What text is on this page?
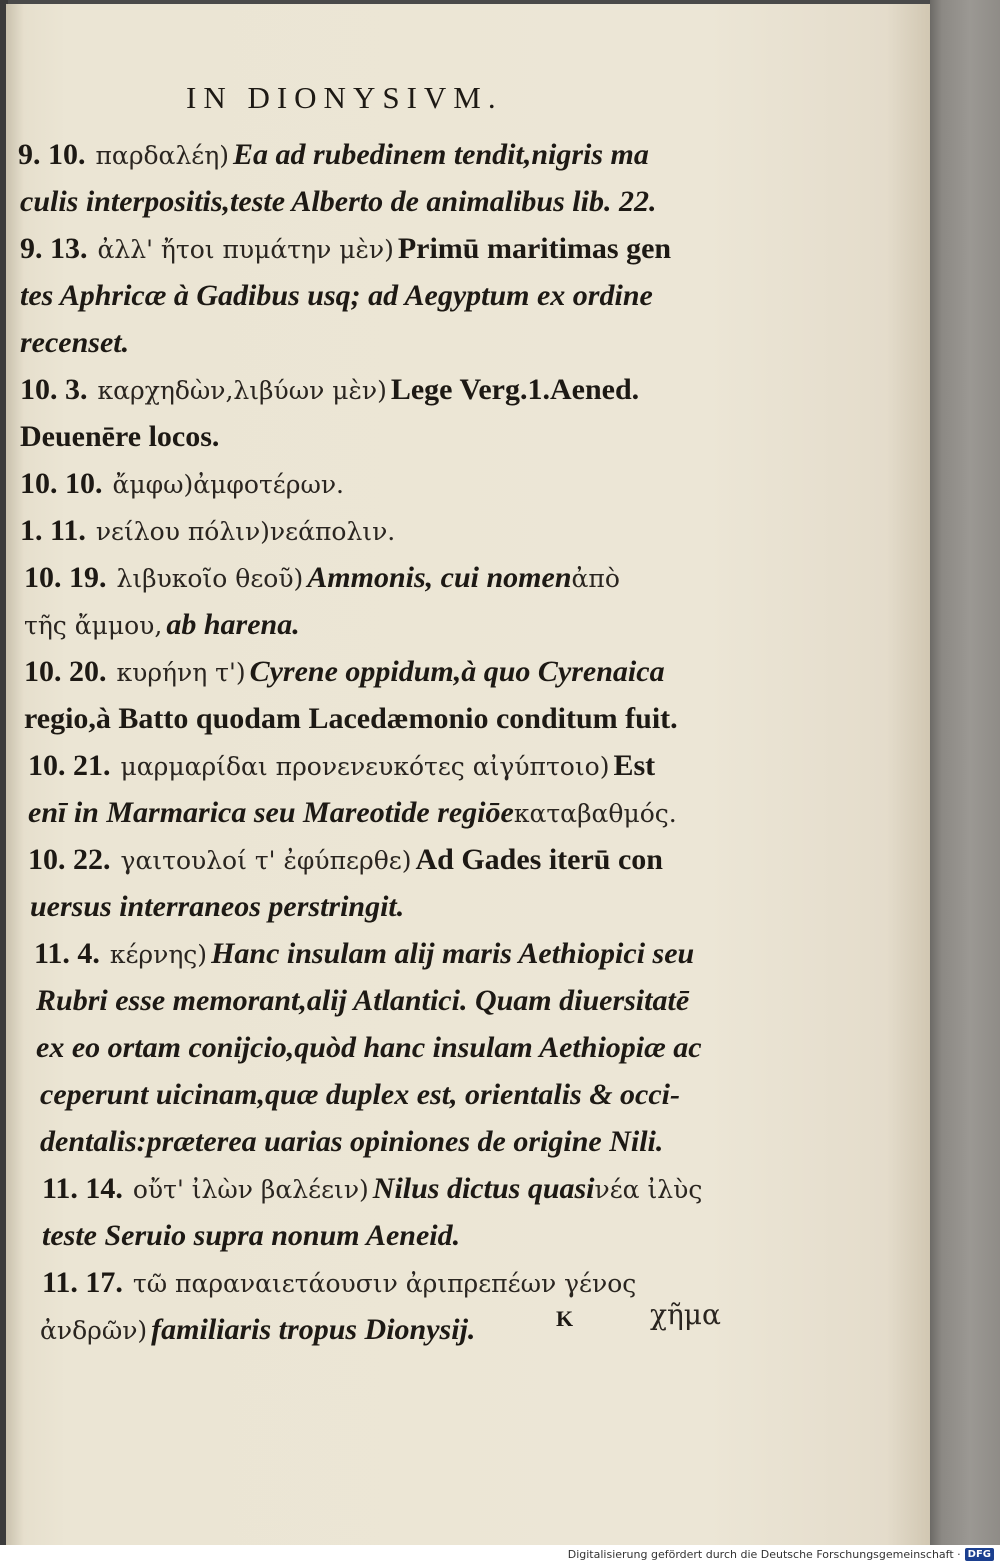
IN DIONYSIVM.
9. 10. παρδαλέη) Ea ad rubedinem tendit,nigris ma
culis interpositis,teste Alberto de animalibus lib. 22.
9. 13. ἀλλ' ἤτοι πυμάτην μὲν) Primū maritimas gen
tes Aphricæ à Gadibus usq; ad Aegyptum ex ordine
recenset.
10. 3. καρχηδὼν,λιβύων μὲν) Lege Verg.1.Aened.
Deuenēre locos.
10. 10. ἄμφω)ἀμφοτέρων.
1. 11. νείλου πόλιν)νεάπολιν.
10. 19. λιβυκοῖο θεοῦ) Ammonis, cui nomenἀπὸ
τῆς ἄμμου, ab harena.
10. 20. κυρήνη τ') Cyrene oppidum,à quo Cyrenaica
regio,à Batto quodam Lacedæmonio conditum fuit.
10. 21. μαρμαρίδαι προνενευκότες αἰγύπτοιο) Est
enī in Marmarica seu Mareotide regiōeκαταβαθμός.
10. 22. γαιτουλοί τ' ἐφύπερθε) Ad Gades iterū con
uersus interraneos perstringit.
11. 4. κέρνης) Hanc insulam alij maris Aethiopici seu
Rubri esse memorant,alij Atlantici. Quam diuersitatē
ex eo ortam conijcio,quòd hanc insulam Aethiopiæ ac
ceperunt uicinam,quæ duplex est, orientalis & occi-
dentalis:præterea uarias opiniones de origine Nili.
11. 14. οὔτ' ἰλὼν βαλέειν) Nilus dictus quasiνέα ἰλὺς
teste Seruio supra nonum Aeneid.
11. 17. τῶ παραναιετάουσιν ἀριπρεπέων γένος
ἀνδρῶν) familiaris tropus Dionysij.	K	χῆμα
Digitalisierung gefördert durch die Deutsche Forschungsgemeinschaft · DFG
